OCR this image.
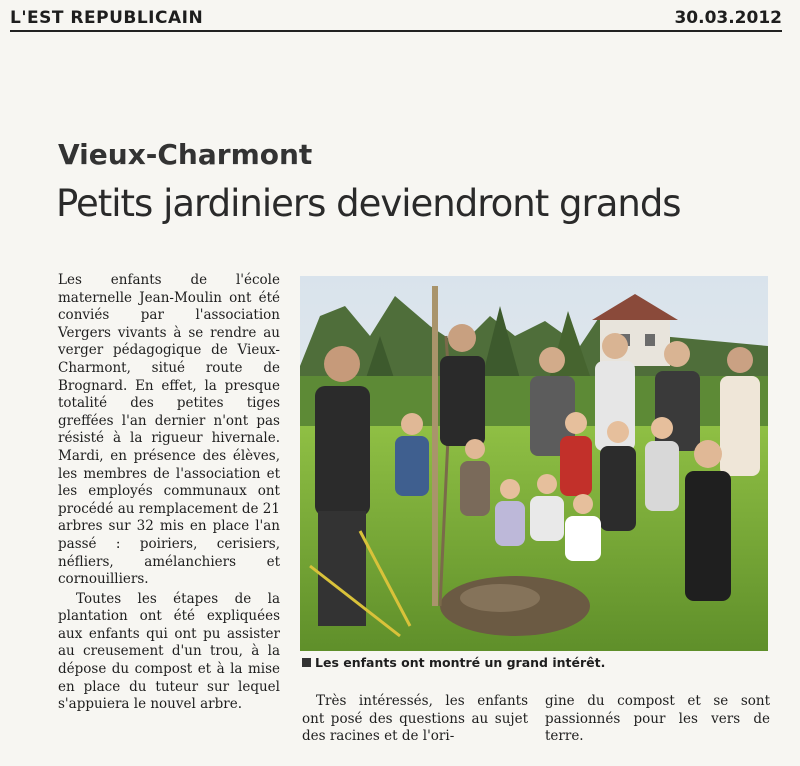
L'EST REPUBLICAIN	30.03.2012
Vieux-Charmont
Petits jardiniers deviendront grands

Les enfants de l'école maternelle Jean-Moulin ont été conviés par l'association Vergers vivants à se rendre au verger pédagogique de Vieux-Charmont, situé route de Brognard. En effet, la presque totalité des petites tiges greffées l'an dernier n'ont pas résisté à la rigueur hivernale. Mardi, en présence des élèves, les membres de l'association et les employés communaux ont procédé au remplacement de 21 arbres sur 32 mis en place l'an passé : poiriers, cerisiers, néfliers, amélanchiers et cornouilliers.

Toutes les étapes de la plantation ont été expliquées aux enfants qui ont pu assister au creusement d'un trou, à la dépose du compost et à la mise en place du tuteur sur lequel s'appuiera le nouvel arbre.

Les enfants ont montré un grand intérêt.
Très intéressés, les enfants ont posé des questions au sujet des racines et de l'ori-
gine du compost et se sont passionnés pour les vers de terre.
